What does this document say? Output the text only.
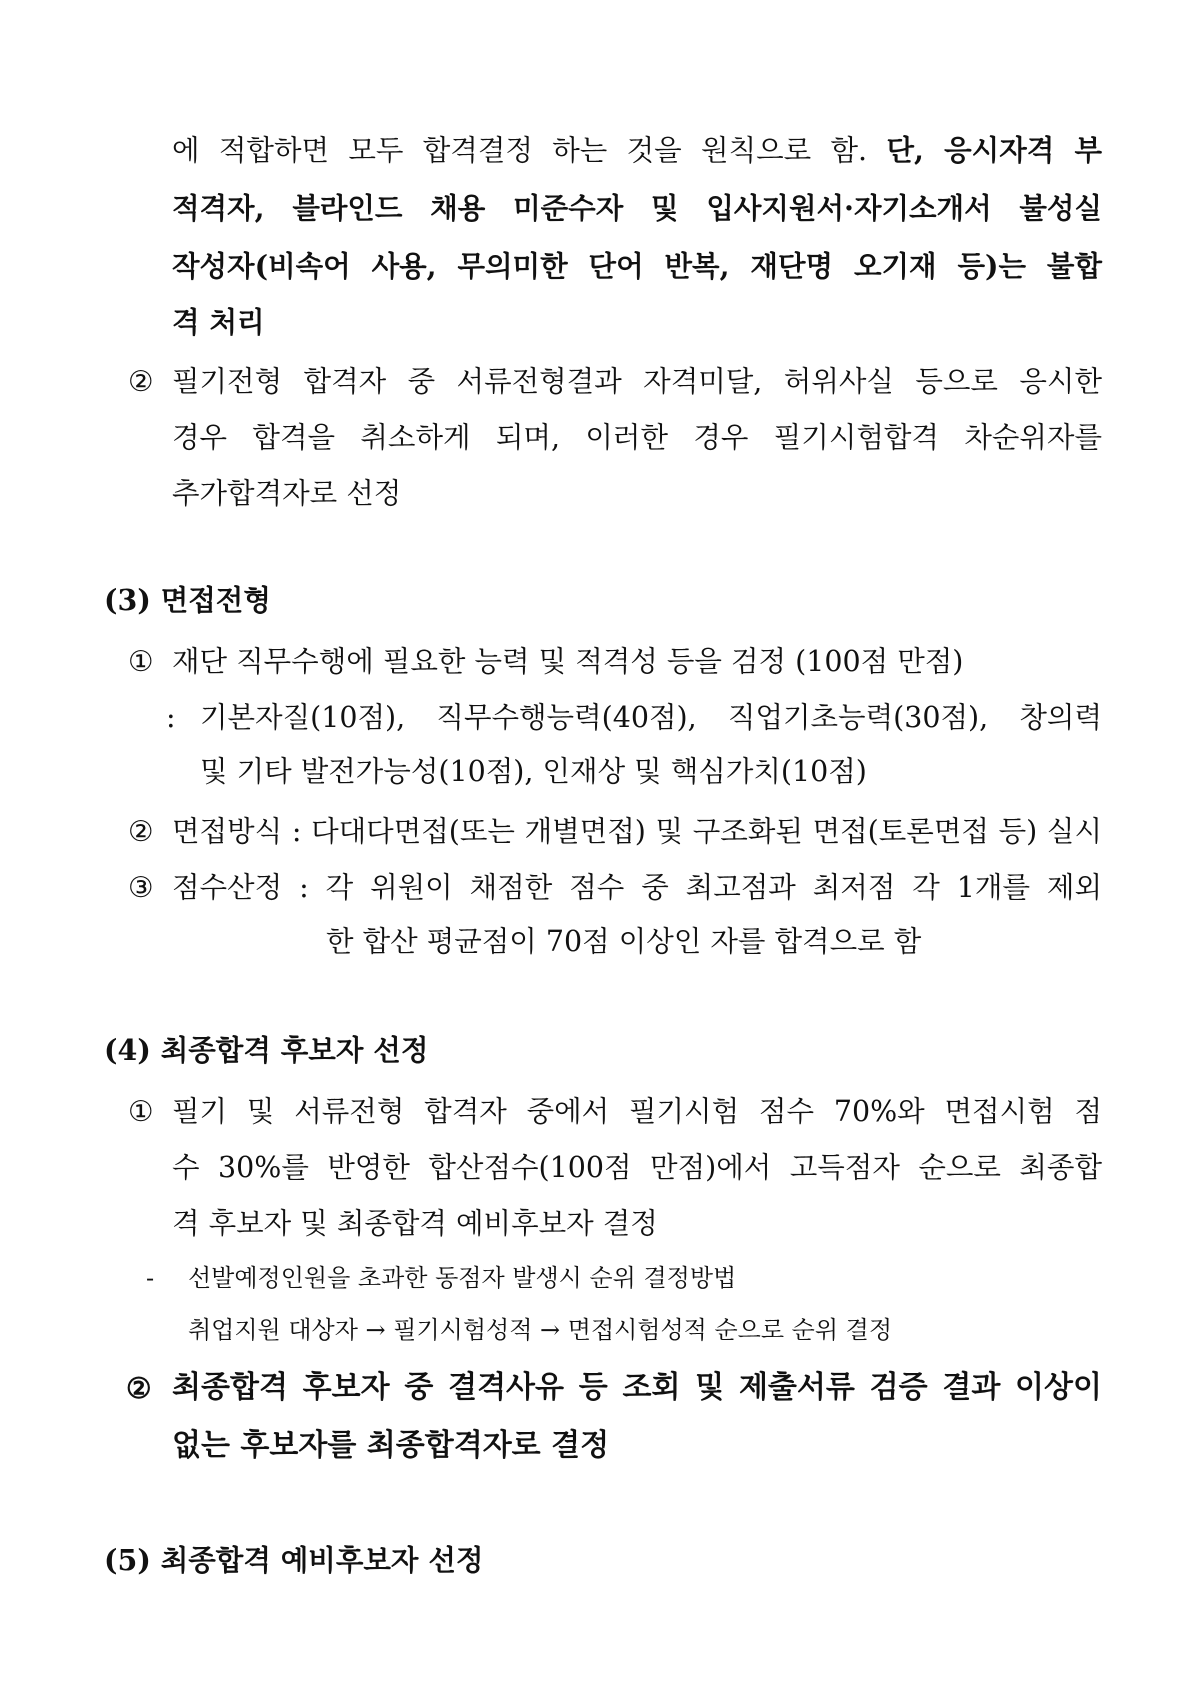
에 적합하면 모두 합격결정 하는 것을 원칙으로 함. 단, 응시자격 부
적격자, 블라인드 채용 미준수자 및 입사지원서·자기소개서 불성실
작성자(비속어 사용, 무의미한 단어 반복, 재단명 오기재 등)는 불합
격 처리
② 필기전형 합격자 중 서류전형결과 자격미달, 허위사실 등으로 응시한
경우 합격을 취소하게 되며, 이러한 경우 필기시험합격 차순위자를
추가합격자로 선정
(3) 면접전형
① 재단 직무수행에 필요한 능력 및 적격성 등을 검정 (100점 만점)
: 기본자질(10점), 직무수행능력(40점), 직업기초능력(30점), 창의력
및 기타 발전가능성(10점), 인재상 및 핵심가치(10점)
② 면접방식 : 다대다면접(또는 개별면접) 및 구조화된 면접(토론면접 등) 실시
③ 점수산정 : 각 위원이 채점한 점수 중 최고점과 최저점 각 1개를 제외
한 합산 평균점이 70점 이상인 자를 합격으로 함
(4) 최종합격 후보자 선정
① 필기 및 서류전형 합격자 중에서 필기시험 점수 70%와 면접시험 점
수 30%를 반영한 합산점수(100점 만점)에서 고득점자 순으로 최종합
격 후보자 및 최종합격 예비후보자 결정
- 선발예정인원을 초과한 동점자 발생시 순위 결정방법
취업지원 대상자 → 필기시험성적 → 면접시험성적 순으로 순위 결정
② 최종합격 후보자 중 결격사유 등 조회 및 제출서류 검증 결과 이상이
없는 후보자를 최종합격자로 결정
(5) 최종합격 예비후보자 선정
